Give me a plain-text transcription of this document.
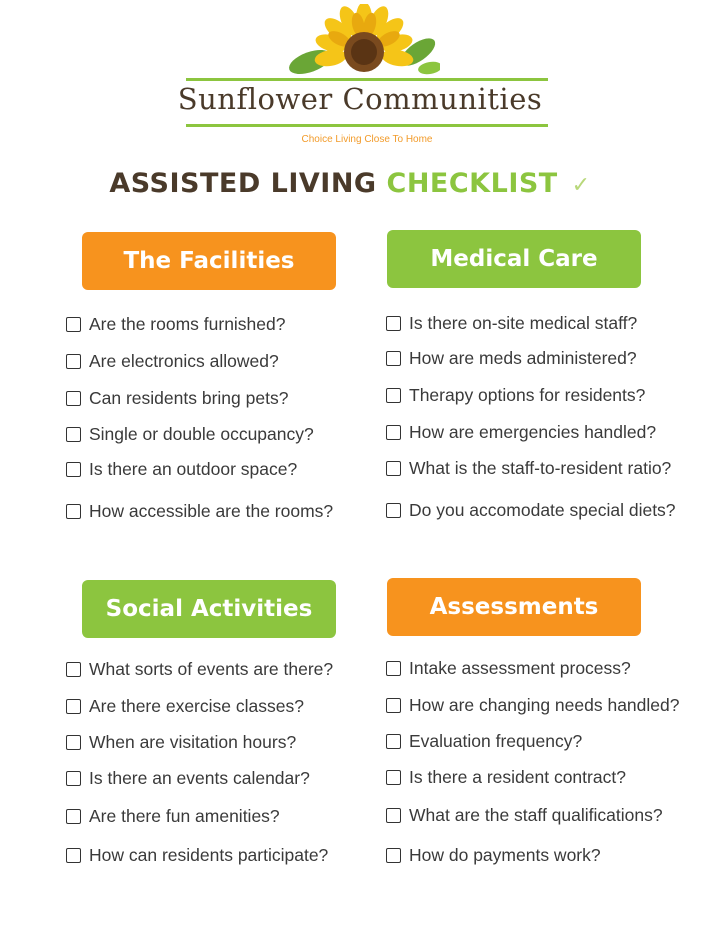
Sunflower Communities
Choice Living Close To Home
ASSISTED LIVING CHECKLIST ✓
The Facilities
Are the rooms furnished?
Are electronics allowed?
Can residents bring pets?
Single or double occupancy?
Is there an outdoor space?
How accessible are the rooms?
Medical Care
Is there on-site medical staff?
How are meds administered?
Therapy options for residents?
How are emergencies handled?
What is the staff-to-resident ratio?
Do you accomodate special diets?
Social Activities
What sorts of events are there?
Are there exercise classes?
When are visitation hours?
Is there an events calendar?
Are there fun amenities?
How can residents participate?
Assessments
Intake assessment process?
How are changing needs handled?
Evaluation frequency?
Is there a resident contract?
What are the staff qualifications?
How do payments work?
